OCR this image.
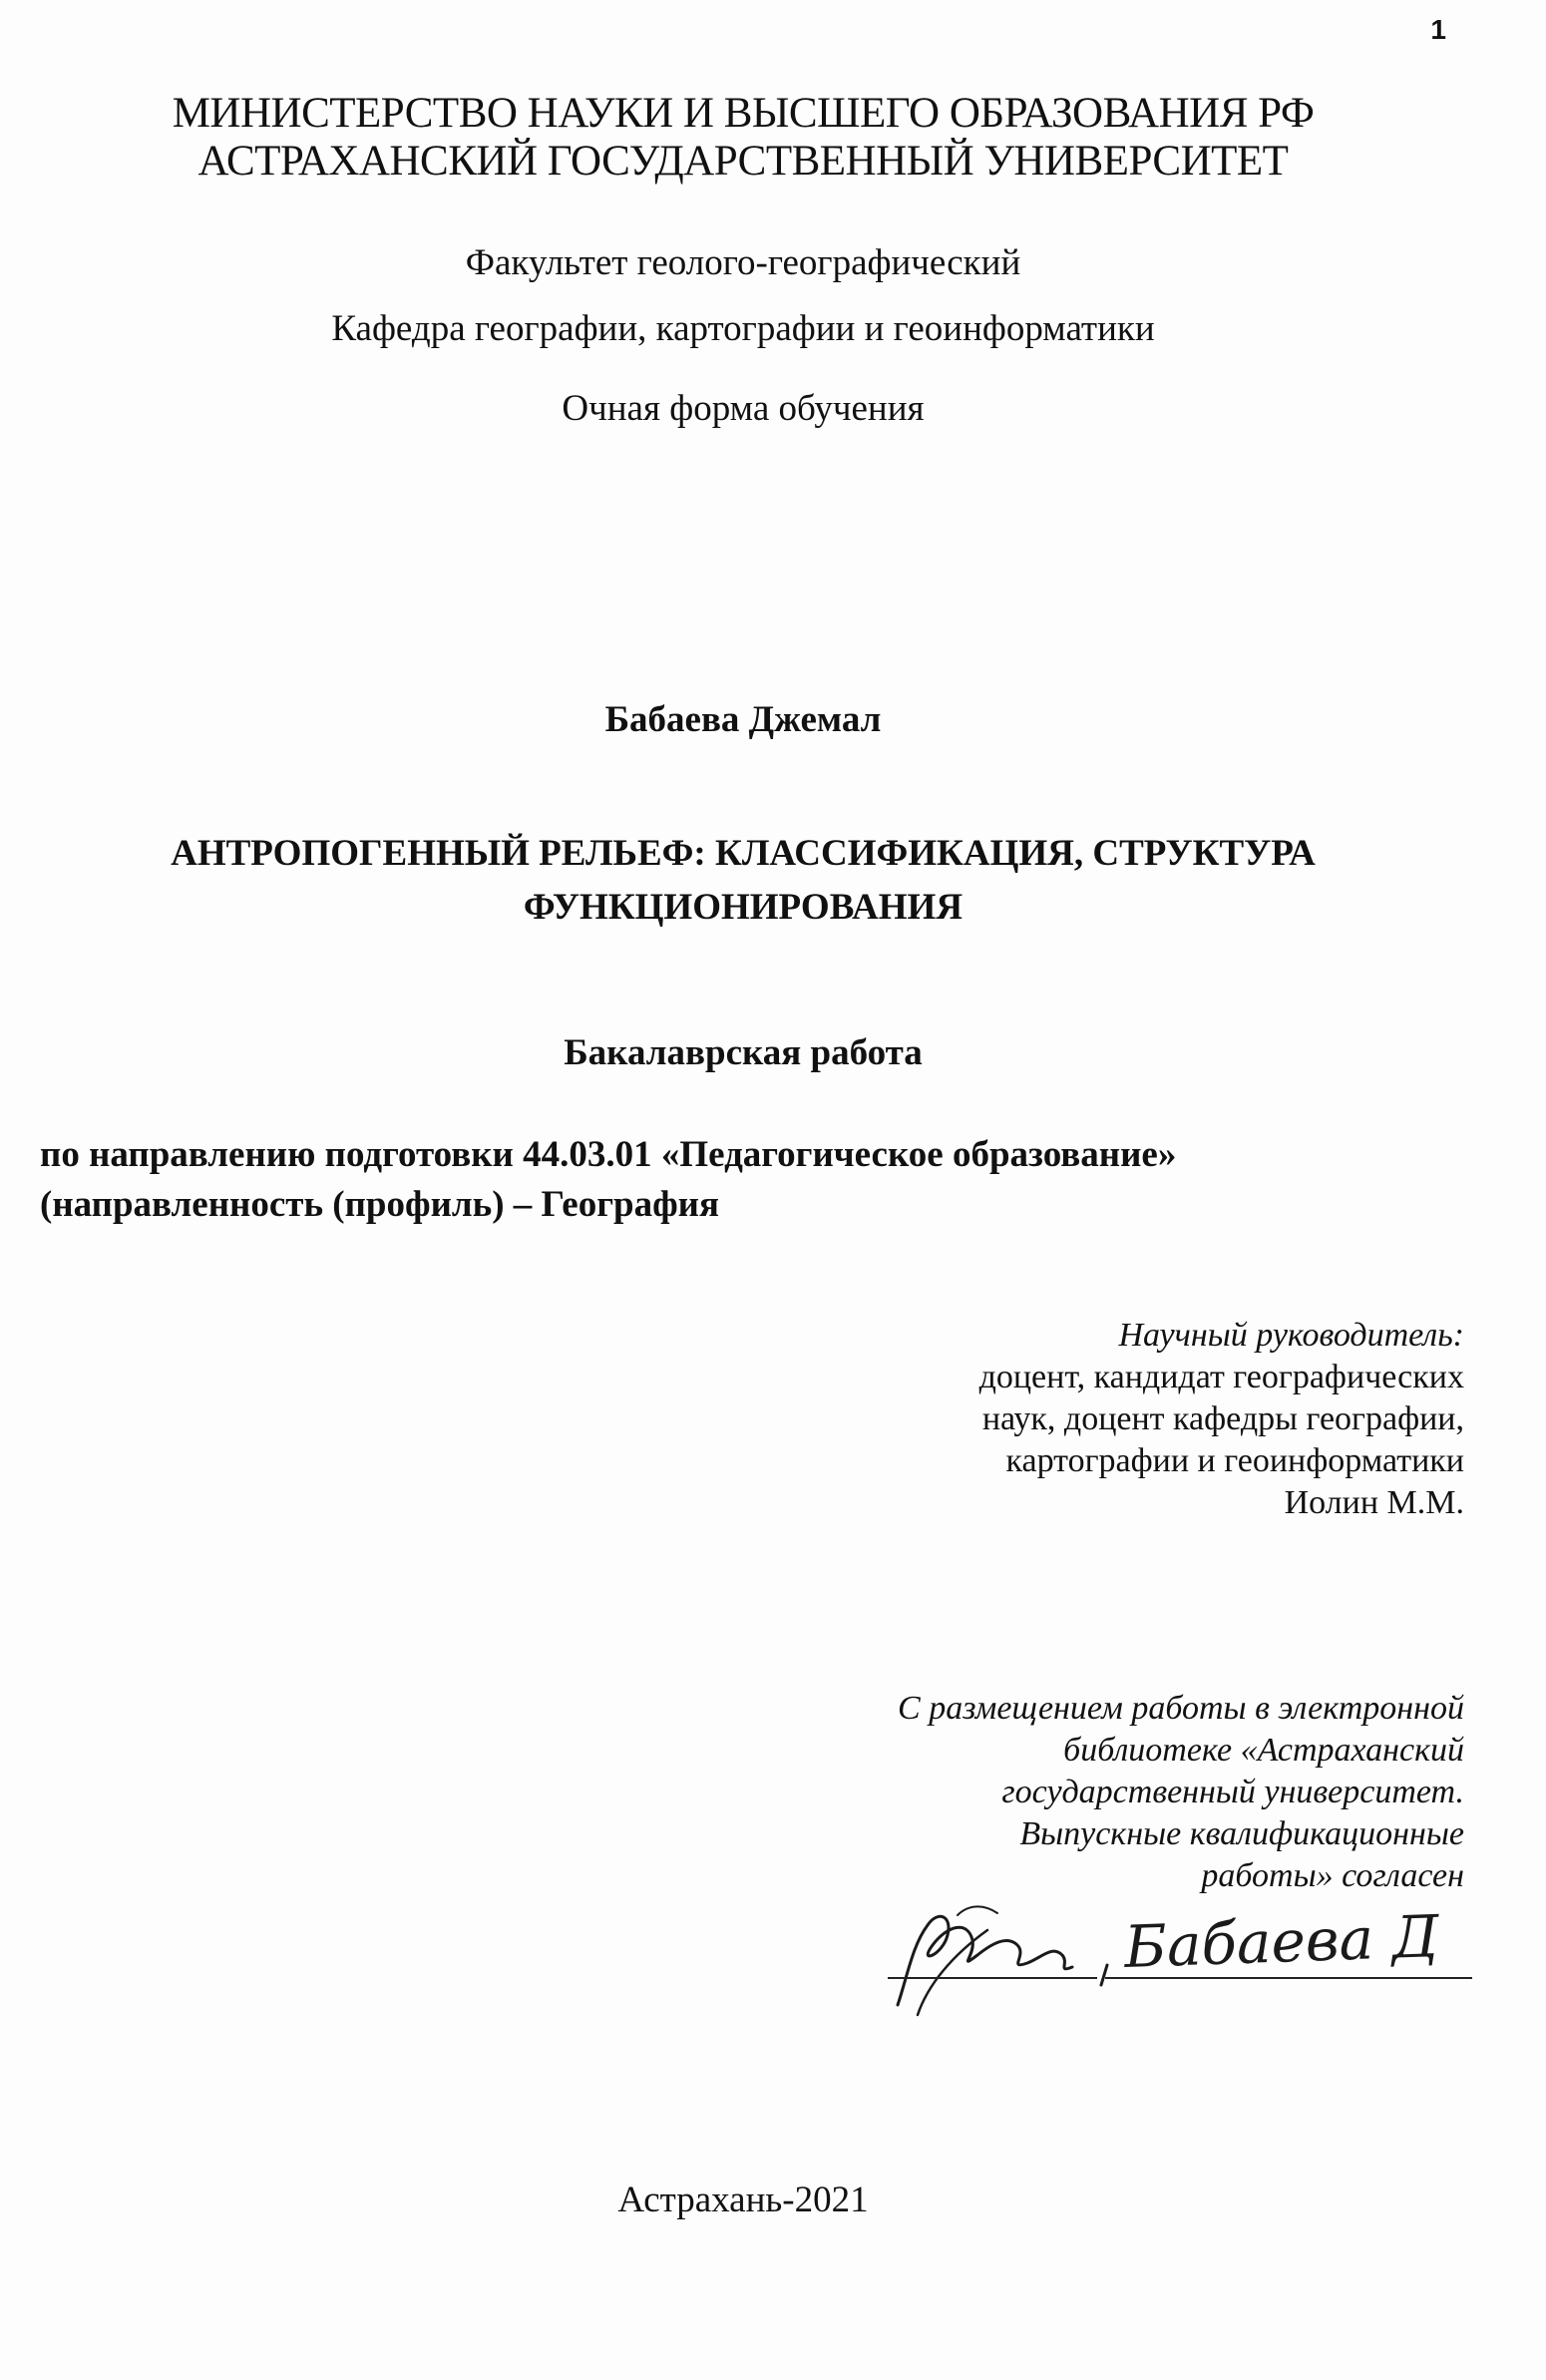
1
МИНИСТЕРСТВО НАУКИ И ВЫСШЕГО ОБРАЗОВАНИЯ РФ
АСТРАХАНСКИЙ ГОСУДАРСТВЕННЫЙ УНИВЕРСИТЕТ
Факультет геолого-географический
Кафедра географии, картографии и геоинформатики
Очная форма обучения
Бабаева Джемал
АНТРОПОГЕННЫЙ РЕЛЬЕФ: КЛАССИФИКАЦИЯ, СТРУКТУРА
ФУНКЦИОНИРОВАНИЯ
Бакалаврская работа
по направлению подготовки 44.03.01 «Педагогическое образование»
(направленность (профиль) – География
Научный руководитель:
доцент, кандидат географических
наук, доцент кафедры географии,
картографии и геоинформатики
Иолин М.М.
С размещением работы в электронной
библиотеке «Астраханский
государственный университет.
Выпускные квалификационные
работы» согласен
Бабаева Д
Астрахань-2021
